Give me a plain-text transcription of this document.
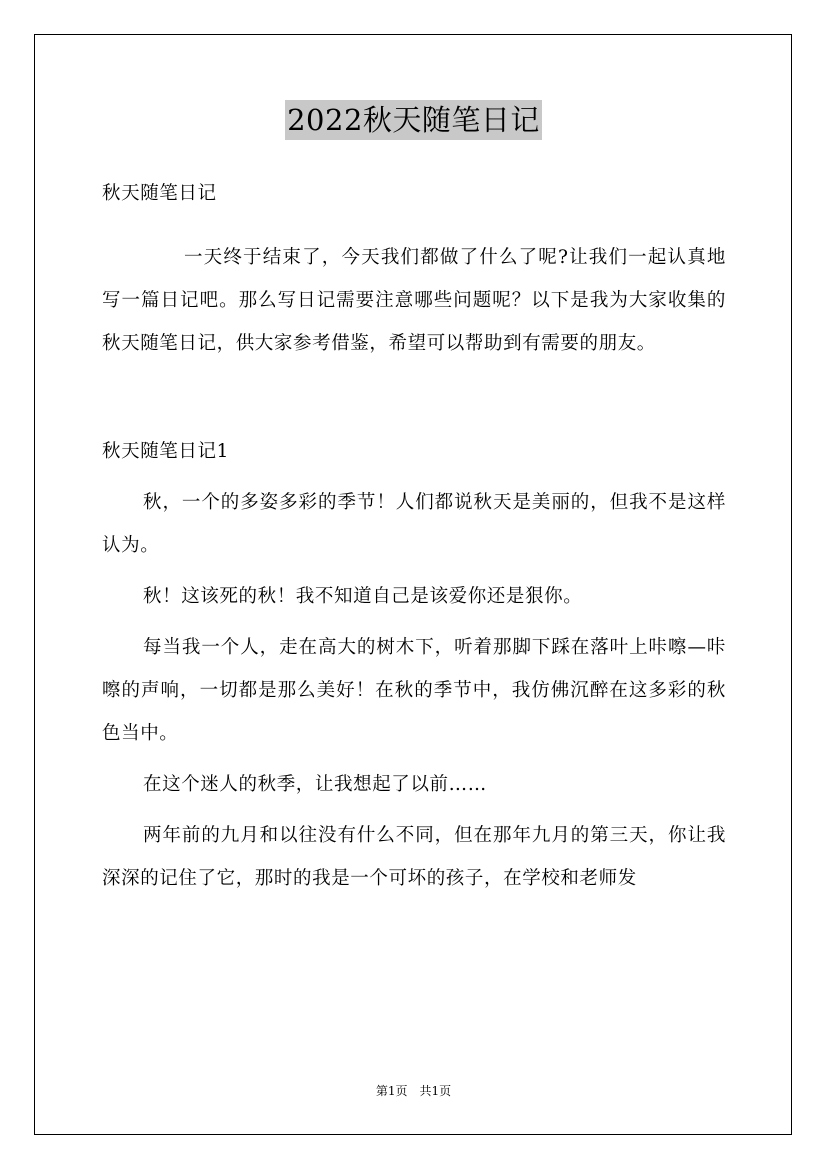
2022秋天随笔日记

秋天随笔日记

一天终于结束了，今天我们都做了什么了呢?让我们一起认真地写一篇日记吧。那么写日记需要注意哪些问题呢？以下是我为大家收集的秋天随笔日记，供大家参考借鉴，希望可以帮助到有需要的朋友。

秋天随笔日记1

秋，一个的多姿多彩的季节！人们都说秋天是美丽的，但我不是这样认为。

秋！这该死的秋！我不知道自己是该爱你还是狠你。

每当我一个人，走在高大的树木下，听着那脚下踩在落叶上咔嚓—咔嚓的声响，一切都是那么美好！在秋的季节中，我仿佛沉醉在这多彩的秋色当中。

在这个迷人的秋季，让我想起了以前……

两年前的九月和以往没有什么不同，但在那年九月的第三天，你让我深深的记住了它，那时的我是一个可坏的孩子，在学校和老师发

第1页　共1页
